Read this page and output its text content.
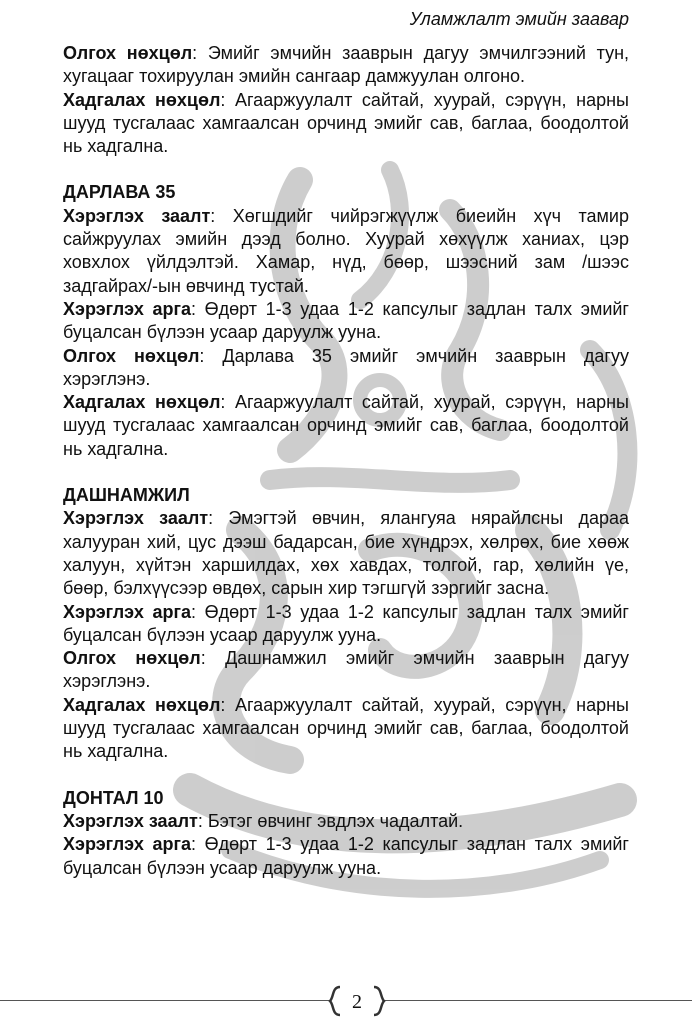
Уламжлалт эмийн заавар

Олгох нөхцөл: Эмийг эмчийн зааврын дагуу эмчилгээний тун, хугацааг тохируулан эмийн сангаар дамжуулан олгоно.

Хадгалах нөхцөл: Агааржуулалт сайтай, хуурай, сэрүүн, нарны шууд тусгалаас хамгаалсан орчинд эмийг сав, баглаа, боодолтой нь хадгална.

ДАРЛАВА 35

Хэрэглэх заалт: Хөгшдийг чийрэгжүүлж биеийн хүч тамир сайжруулах эмийн дээд болно. Хуурай хөхүүлж ханиах, цэр ховхлох үйлдэлтэй. Хамар, нүд, бөөр, шээсний зам /шээс задгайрах/-ын өвчинд тустай.

Хэрэглэх арга: Өдөрт 1-3 удаа 1-2 капсулыг задлан талх эмийг буцалсан бүлээн усаар даруулж ууна.

Олгох нөхцөл: Дарлава 35 эмийг эмчийн зааврын дагуу хэрэглэнэ.

Хадгалах нөхцөл: Агааржуулалт сайтай, хуурай, сэрүүн, нарны шууд тусгалаас хамгаалсан орчинд эмийг сав, баглаа, боодолтой нь хадгална.

ДАШНАМЖИЛ

Хэрэглэх заалт: Эмэгтэй өвчин, ялангуяа нярайлсны дараа халууран хий, цус дээш бадарсан, бие хүндрэх, хөлрөх, бие хөөж халуун, хүйтэн харшилдах, хөх хавдах, толгой, гар, хөлийн үе, бөөр, бэлхүүсээр өвдөх, сарын хир тэгшгүй зэргийг засна.

Хэрэглэх арга: Өдөрт 1-3 удаа 1-2 капсулыг задлан талх эмийг буцалсан бүлээн усаар даруулж ууна.

Олгох нөхцөл: Дашнамжил эмийг эмчийн зааврын дагуу хэрэглэнэ.

Хадгалах нөхцөл: Агааржуулалт сайтай, хуурай, сэрүүн, нарны шууд тусгалаас хамгаалсан орчинд эмийг сав, баглаа, боодолтой нь хадгална.

ДОНТАЛ 10

Хэрэглэх заалт: Бэтэг өвчинг эвдлэх чадалтай.

Хэрэглэх арга: Өдөрт 1-3 удаа 1-2 капсулыг задлан талх эмийг буцалсан бүлээн усаар даруулж ууна.

2
